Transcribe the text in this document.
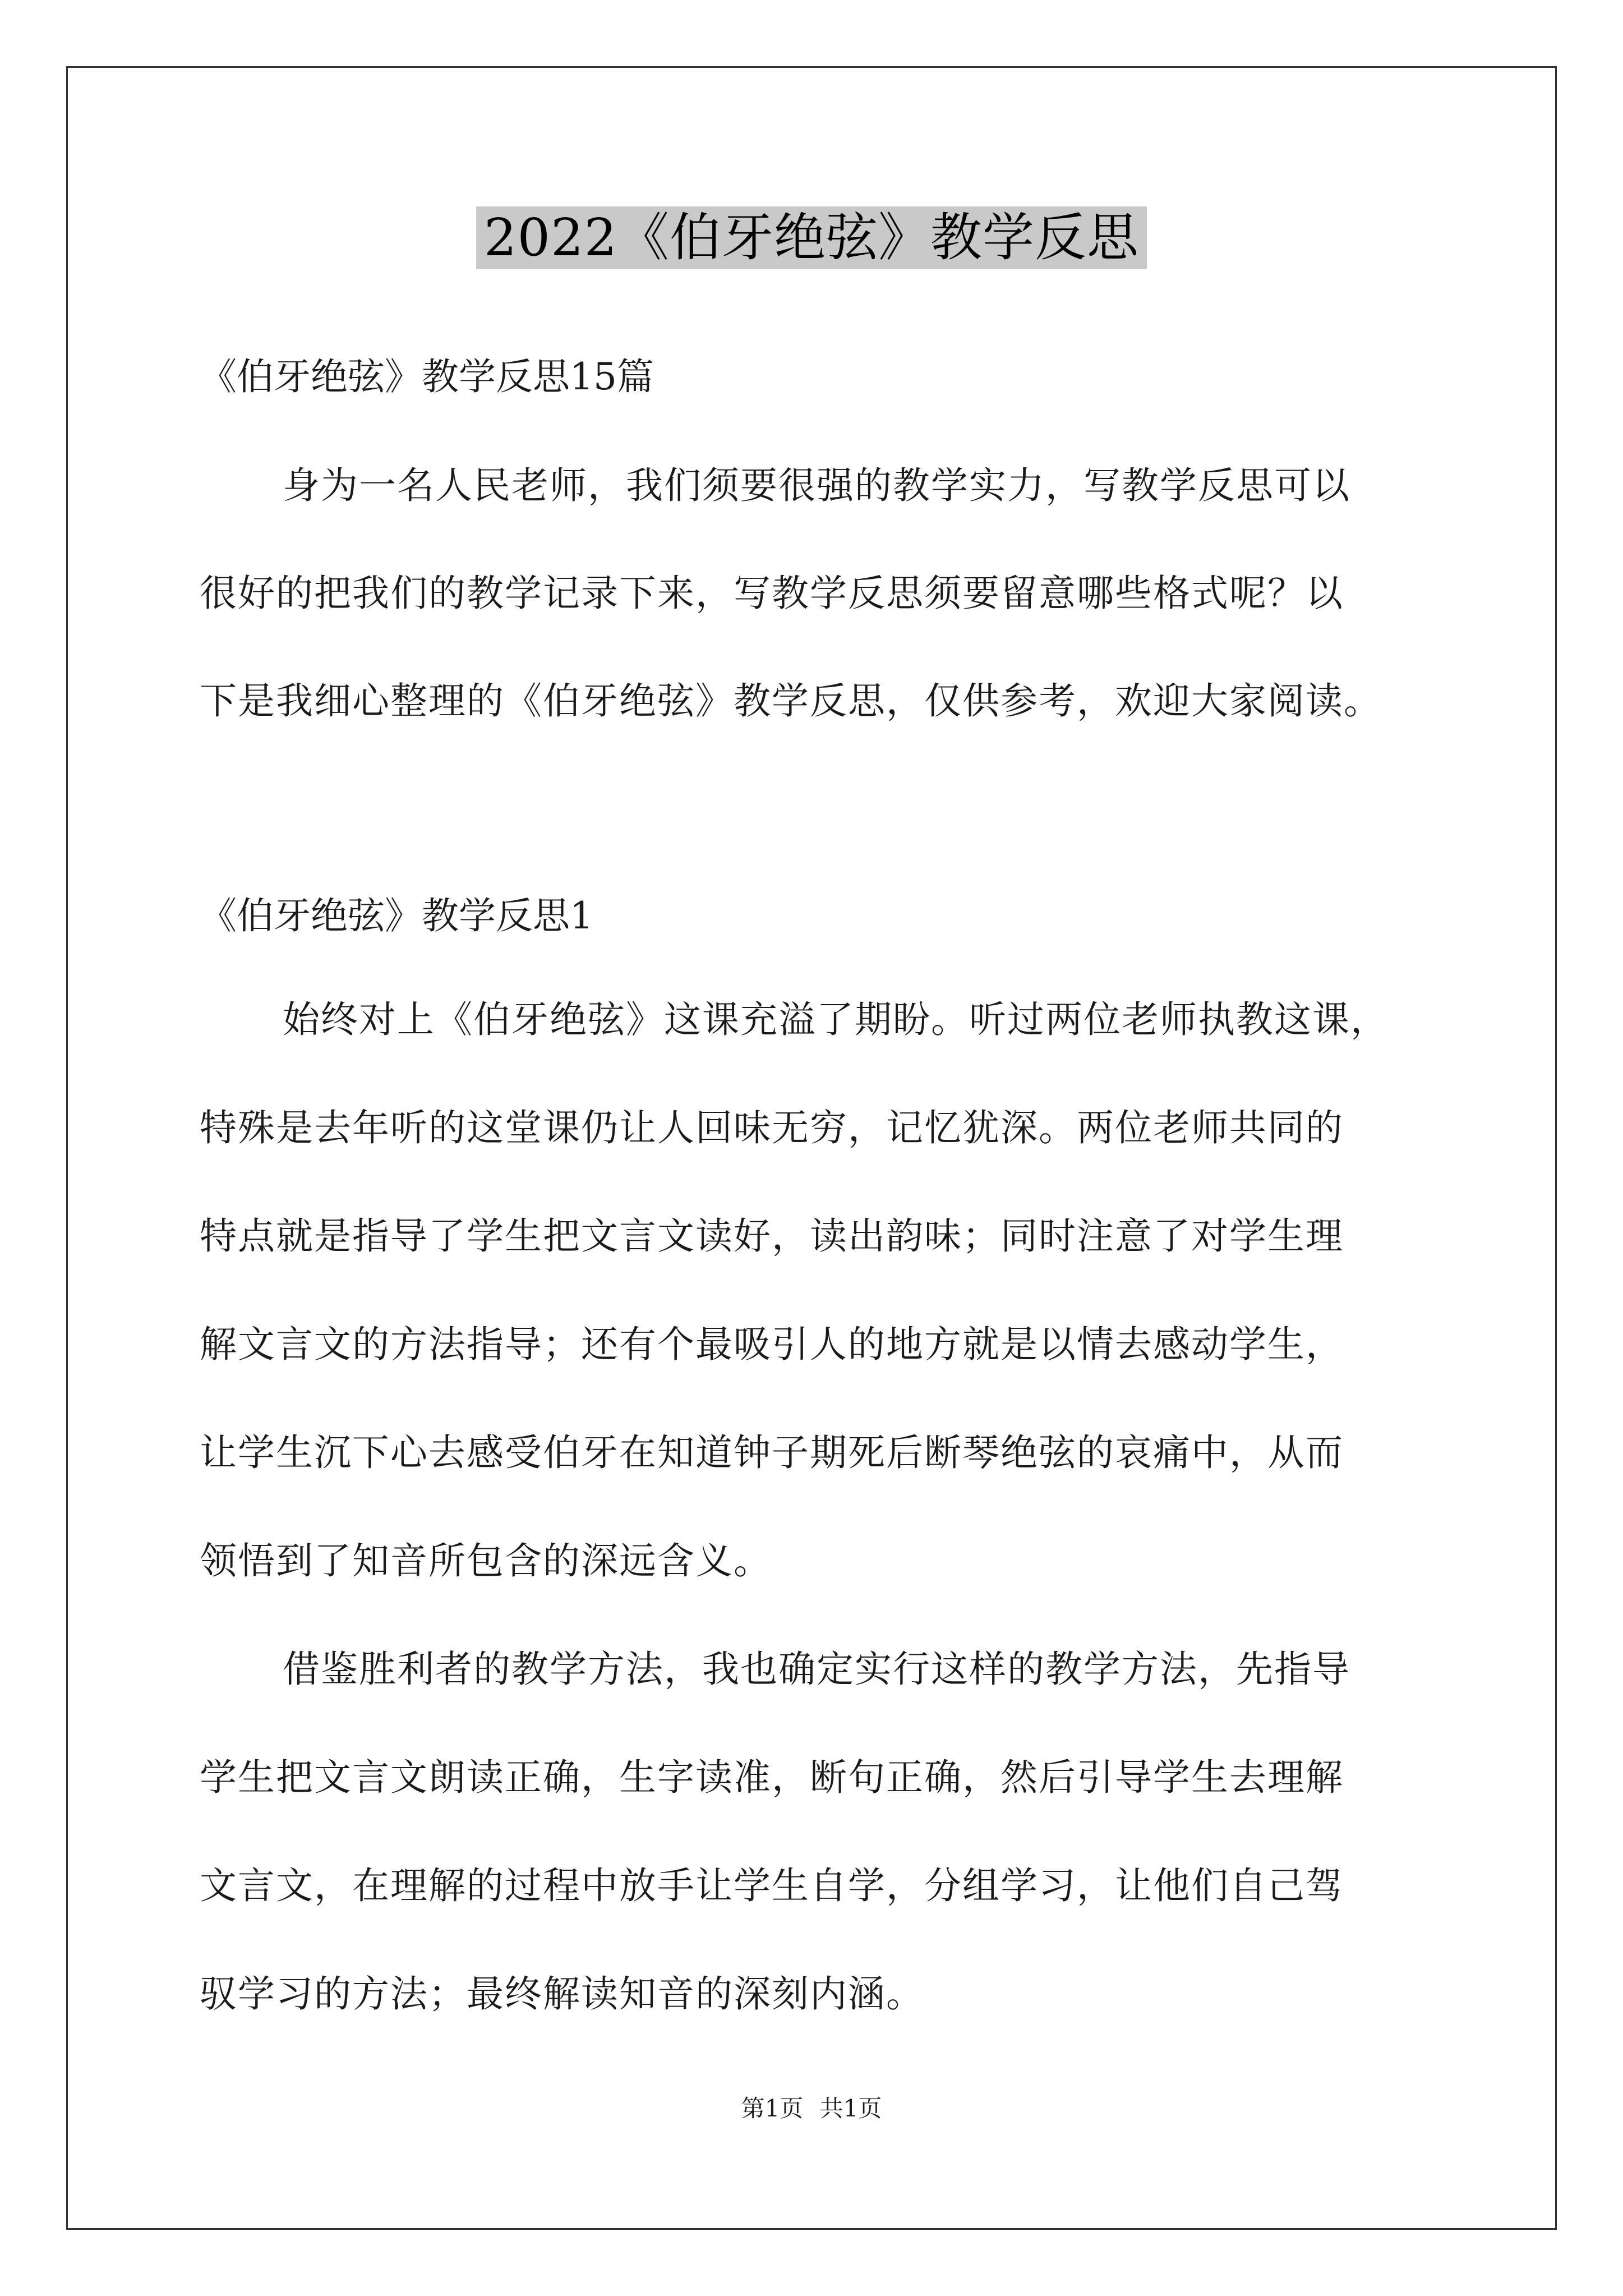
2022《伯牙绝弦》教学反思
《伯牙绝弦》教学反思15篇
身为一名人民老师，我们须要很强的教学实力，写教学反思可以
很好的把我们的教学记录下来，写教学反思须要留意哪些格式呢？以
下是我细心整理的《伯牙绝弦》教学反思，仅供参考，欢迎大家阅读。
《伯牙绝弦》教学反思1
始终对上《伯牙绝弦》这课充溢了期盼。听过两位老师执教这课，
特殊是去年听的这堂课仍让人回味无穷，记忆犹深。两位老师共同的
特点就是指导了学生把文言文读好，读出韵味；同时注意了对学生理
解文言文的方法指导；还有个最吸引人的地方就是以情去感动学生，
让学生沉下心去感受伯牙在知道钟子期死后断琴绝弦的哀痛中，从而
领悟到了知音所包含的深远含义。
借鉴胜利者的教学方法，我也确定实行这样的教学方法，先指导
学生把文言文朗读正确，生字读准，断句正确，然后引导学生去理解
文言文，在理解的过程中放手让学生自学，分组学习，让他们自己驾
驭学习的方法；最终解读知音的深刻内涵。
第1页 共1页
